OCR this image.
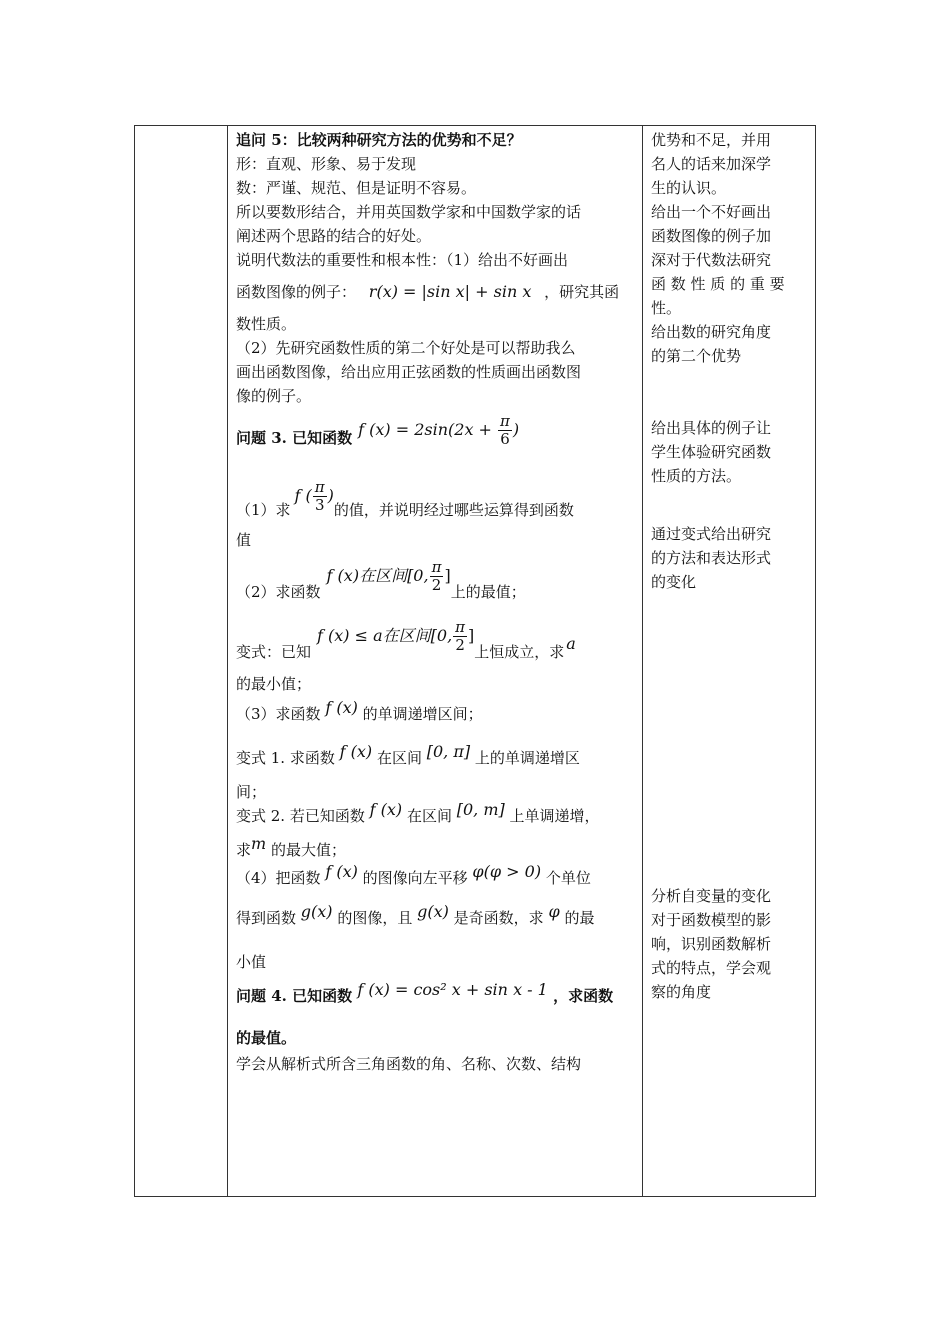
追问 5：比较两种研究方法的优势和不足？
形：直观、形象、易于发现
数：严谨、规范、但是证明不容易。
所以要数形结合，并用英国数学家和中国数学家的话
阐述两个思路的结合的好处。
说明代数法的重要性和根本性：（1）给出不好画出
函数图像的例子： r(x) = |sin x| + sin x ，研究其函
数性质。
（2）先研究函数性质的第二个好处是可以帮助我么
画出函数图像，给出应用正弦函数的性质画出函数图
像的例子。
问题 3. 已知函数 f $(x) = 2\sin(2x + \frac{\pi}{6}$ )
（1）求
f ( $\frac{\pi}{3}$ )
的值，并说明经过哪些运算得到函数
值
（2）求函数
f (x)在区间[0, $\frac{\pi}{2}$ ]
上的最值；
变式：已知
f (x) ≤ a在区间[0, $\frac{\pi}{2}$ ]
上恒成立，求 a
的最小值；
（3）求函数 f (x) 的单调递增区间；
变式 1. 求函数 f (x) 在区间 [0, π] 上的单调递增区
间；
变式 2. 若已知函数 f (x) 在区间 [0, m] 上单调递增，
求m 的最大值；
（4）把函数 f (x) 的图像向左平移 φ(φ > 0) 个单位
得到函数 g(x) 的图像，且 g(x) 是奇函数，求 φ 的最
小值
问题 4. 已知函数 f (x) = cos² x + sin x - 1 ，求函数
的最值。
学会从解析式所含三角函数的角、名称、次数、结构

优势和不足，并用
名人的话来加深学
生的认识。
给出一个不好画出
函数图像的例子加
深对于代数法研究
函 数 性 质 的 重 要
性。
给出数的研究角度
的第二个优势
给出具体的例子让
学生体验研究函数
性质的方法。
通过变式给出研究
的方法和表达形式
的变化
分析自变量的变化
对于函数模型的影
响，识别函数解析
式的特点，学会观
察的角度
